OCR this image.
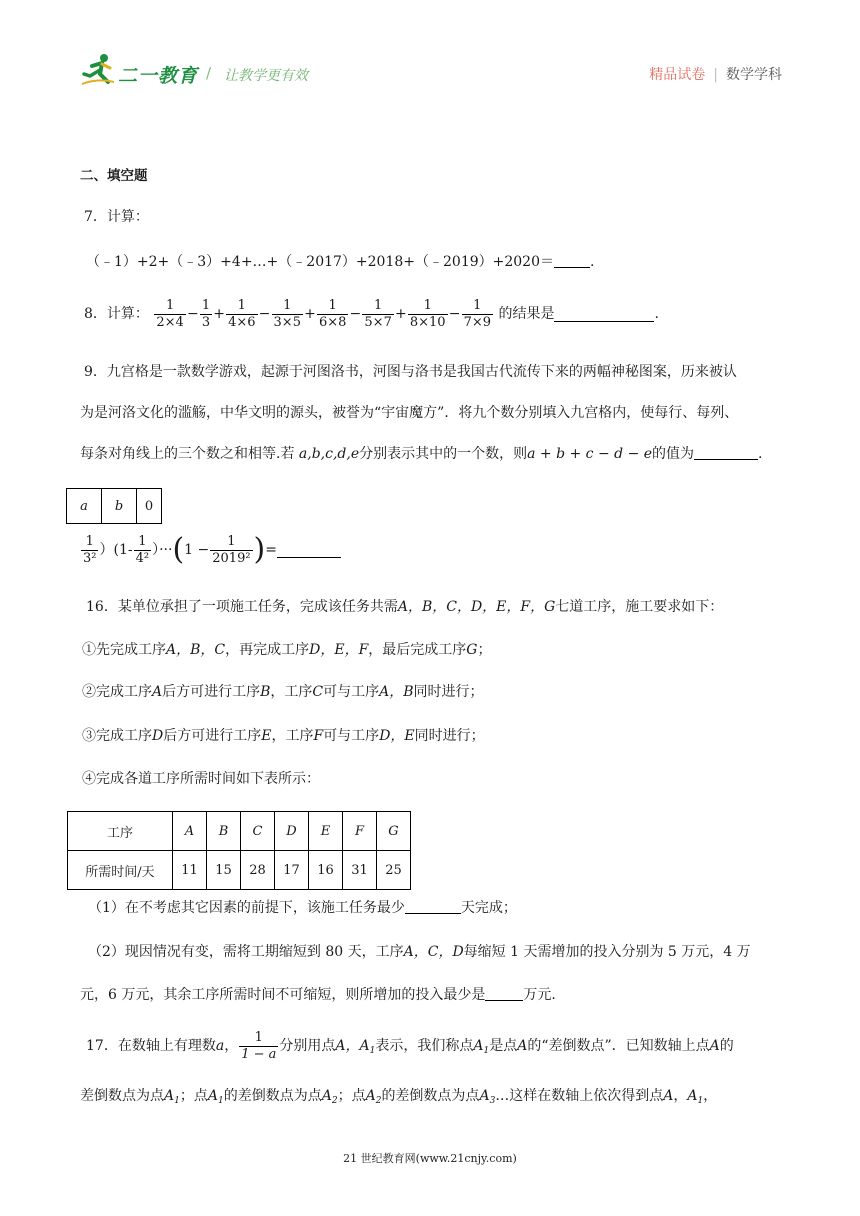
二一教育 / 让教学更有效	精品试卷 | 数学学科
二、填空题
7．计算：
（﹣1）+2+（﹣3）+4+…+（﹣2017）+2018+（﹣2019）+2020＝	.
8．计算： $\frac{1}{2\times 4} - \frac{1}{3} + \frac{1}{4\times 6} - \frac{1}{3\times 5} + \frac{1}{6\times 8} - \frac{1}{5\times 7} + \frac{1}{8\times 10} - \frac{1}{7\times 9}$ 的结果是	.
9．九宫格是一款数学游戏，起源于河图洛书，河图与洛书是我国古代流传下来的两幅神秘图案，历来被认
为是河洛文化的滥觞，中华文明的源头，被誉为“宇宙魔方”．将九个数分别填入九宫格内，使每行、每列、
每条对角线上的三个数之和相等.若 a,b,c,d,e分别表示其中的一个数，则a + b + c − d − e的值为	.
a	b	0
$\frac{1}{\text{3²}} )(1- \frac{1}{\text{4²}} )\cdot\cdot\cdot(1 - \frac{1}{\text{2019²}}$ )=
16．某单位承担了一项施工任务，完成该任务共需A，B，C，D，E，F，G七道工序，施工要求如下：
①先完成工序A，B，C，再完成工序D，E，F，最后完成工序G；
②完成工序A后方可进行工序B，工序C可与工序A，B同时进行；
③完成工序D后方可进行工序E，工序F可与工序D，E同时进行；
④完成各道工序所需时间如下表所示：
工序	A	B	C	D	E	F	G
所需时间/天	11	15	28	17	16	31	25
（1）在不考虑其它因素的前提下，该施工任务最少	天完成；
（2）现因情况有变，需将工期缩短到 80 天，工序A，C，D每缩短 1 天需增加的投入分别为 5 万元，4 万
元，6 万元，其余工序所需时间不可缩短，则所增加的投入最少是	万元.
17．在数轴上有理数a， $\frac{1}{1 - a}$ 分别用点A，$A_1$表示，我们称点$A_1$是点A的“差倒数点”．已知数轴上点A的
差倒数点为点$A_1$；点$A_1$的差倒数点为点$A_2$；点$A_2$的差倒数点为点$A_3\dots$这样在数轴上依次得到点A，$A_1$，
21 世纪教育网(www.21cnjy.com)
